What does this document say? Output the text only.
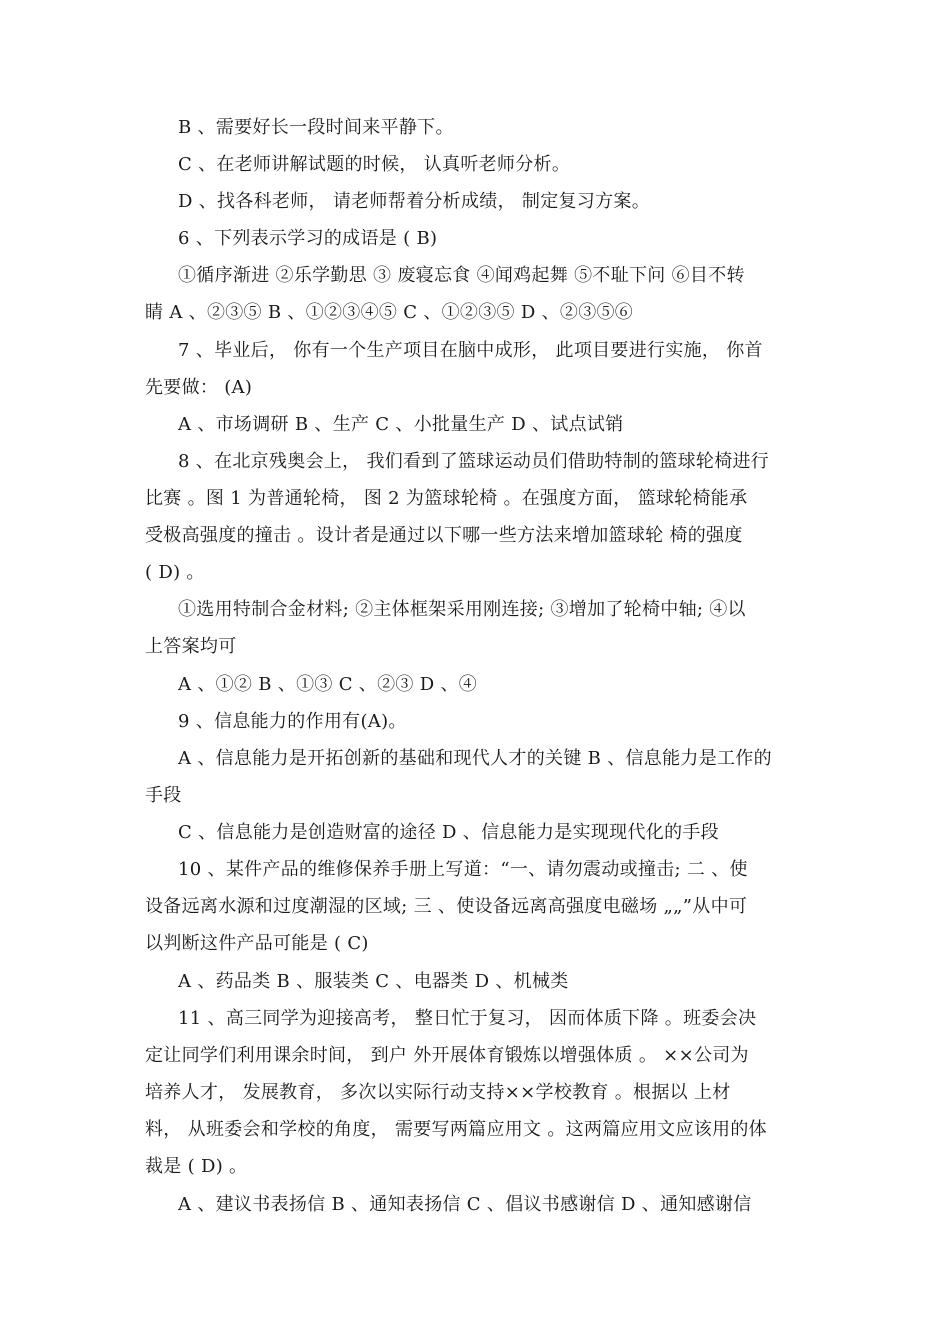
B 、需要好长一段时间来平静下。
C 、在老师讲解试题的时候， 认真听老师分析。
D 、找各科老师， 请老师帮着分析成绩， 制定复习方案。
6 、下列表示学习的成语是 ( B)
①循序渐进 ②乐学勤思 ③ 废寝忘食 ④闻鸡起舞 ⑤不耻下问 ⑥目不转
睛 A 、②③⑤ B 、①②③④⑤ C 、①②③⑤ D 、②③⑤⑥
7 、毕业后， 你有一个生产项目在脑中成形， 此项目要进行实施， 你首
先要做： (A)
A 、市场调研 B 、生产 C 、小批量生产 D 、试点试销
8 、在北京残奥会上， 我们看到了篮球运动员们借助特制的篮球轮椅进行
比赛 。图 1 为普通轮椅， 图 2 为篮球轮椅 。在强度方面， 篮球轮椅能承
受极高强度的撞击 。设计者是通过以下哪一些方法来增加篮球轮 椅的强度
( D) 。
①选用特制合金材料; ②主体框架采用刚连接; ③增加了轮椅中轴; ④以
上答案均可
A 、①② B 、①③ C 、②③ D 、④
9 、信息能力的作用有(A)。
A 、信息能力是开拓创新的基础和现代人才的关键 B 、信息能力是工作的
手段
C 、信息能力是创造财富的途径 D 、信息能力是实现现代化的手段
10 、某件产品的维修保养手册上写道：“一、请勿震动或撞击; 二 、使
设备远离水源和过度潮湿的区域; 三 、使设备远离高强度电磁场 „„”从中可
以判断这件产品可能是 ( C)
A 、药品类 B 、服装类 C 、电器类 D 、机械类
11 、高三同学为迎接高考， 整日忙于复习， 因而体质下降 。班委会决
定让同学们利用课余时间， 到户 外开展体育锻炼以增强体质 。 ××公司为
培养人才， 发展教育， 多次以实际行动支持××学校教育 。根据以 上材
料， 从班委会和学校的角度， 需要写两篇应用文 。这两篇应用文应该用的体
裁是 ( D) 。
A 、建议书表扬信 B 、通知表扬信 C 、倡议书感谢信 D 、通知感谢信
